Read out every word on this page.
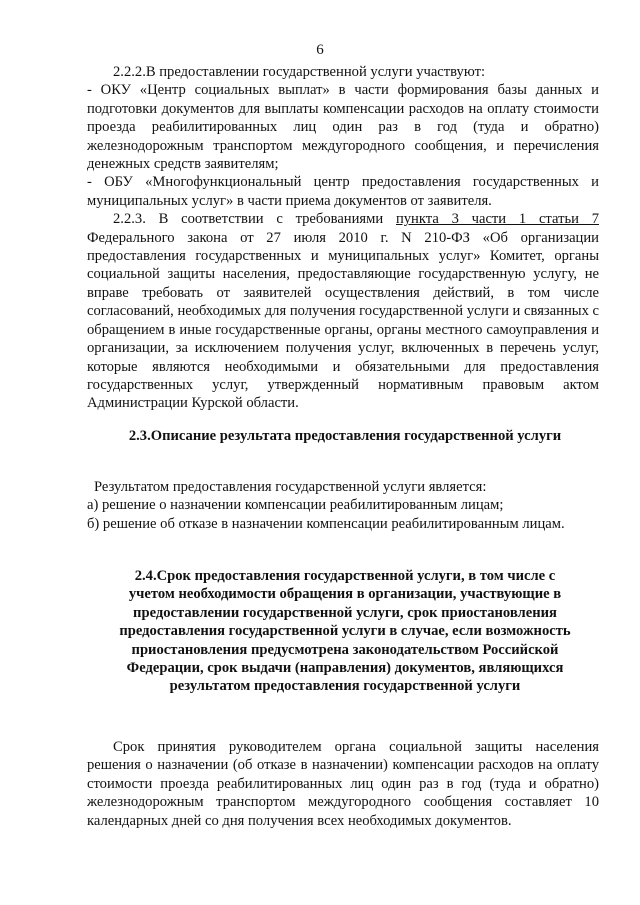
6

2.2.2.В предоставлении государственной услуги участвуют:

- ОКУ «Центр социальных выплат» в части формирования базы данных и подготовки документов для выплаты компенсации расходов на оплату стоимости проезда реабилитированных лиц один раз в год (туда и обратно) железнодорожным транспортом междугородного сообщения, и перечисления денежных средств заявителям;

- ОБУ «Многофункциональный центр предоставления государственных и муниципальных услуг» в части приема документов от заявителя.

2.2.3. В соответствии с требованиями пункта 3 части 1 статьи 7 Федерального закона от 27 июля 2010 г. N 210-ФЗ «Об организации предоставления государственных и муниципальных услуг» Комитет, органы социальной защиты населения, предоставляющие государственную услугу, не вправе требовать от заявителей осуществления действий, в том числе согласований, необходимых для получения государственной услуги и связанных с обращением в иные государственные органы, органы местного самоуправления и организации, за исключением получения услуг, включенных в перечень услуг, которые являются необходимыми и обязательными для предоставления государственных услуг, утвержденный нормативным правовым актом Администрации Курской области.

2.3.Описание результата предоставления государственной услуги

Результатом предоставления государственной услуги является:

а) решение о назначении компенсации реабилитированным лицам;

б) решение об отказе в назначении компенсации реабилитированным лицам.

2.4.Срок предоставления государственной услуги, в том числе с учетом необходимости обращения в организации, участвующие в предоставлении государственной услуги, срок приостановления предоставления государственной услуги в случае, если возможность приостановления предусмотрена законодательством Российской Федерации, срок выдачи (направления) документов, являющихся результатом предоставления государственной услуги

Срок принятия руководителем органа социальной защиты населения решения о назначении (об отказе в назначении) компенсации расходов на оплату стоимости проезда реабилитированных лиц один раз в год (туда и обратно) железнодорожным транспортом междугородного сообщения составляет 10 календарных дней со дня получения всех необходимых документов.
